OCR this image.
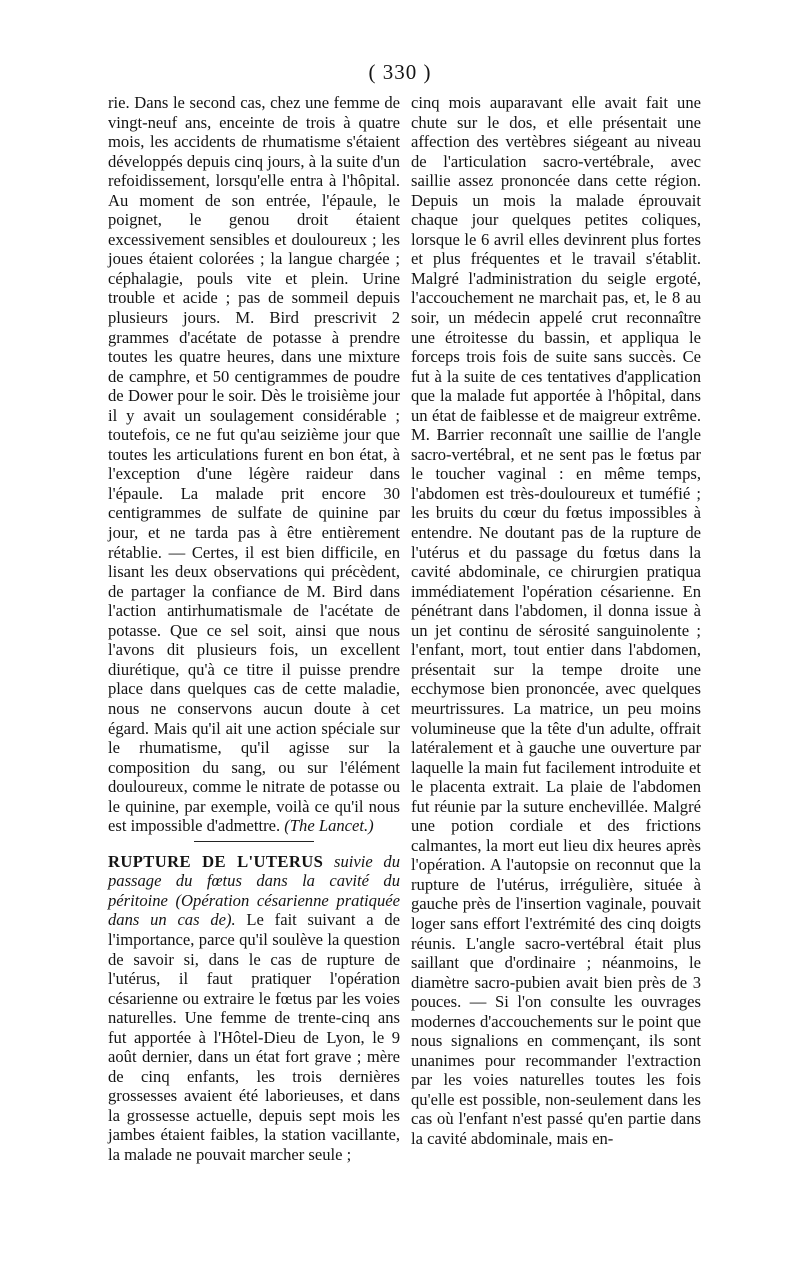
( 330 )

rie. Dans le second cas, chez une femme de vingt-neuf ans, enceinte de trois à quatre mois, les accidents de rhumatisme s'étaient développés depuis cinq jours, à la suite d'un refoidissement, lorsqu'elle entra à l'hôpital. Au moment de son entrée, l'épaule, le poignet, le genou droit étaient excessivement sensibles et douloureux ; les joues étaient colorées ; la langue chargée ; céphalagie, pouls vite et plein. Urine trouble et acide ; pas de sommeil depuis plusieurs jours. M. Bird prescrivit 2 grammes d'acétate de potasse à prendre toutes les quatre heures, dans une mixture de camphre, et 50 centigrammes de poudre de Dower pour le soir. Dès le troisième jour il y avait un soulagement considérable ; toutefois, ce ne fut qu'au seizième jour que toutes les articulations furent en bon état, à l'exception d'une légère raideur dans l'épaule. La malade prit encore 30 centigrammes de sulfate de quinine par jour, et ne tarda pas à être entièrement rétablie. — Certes, il est bien difficile, en lisant les deux observations qui précèdent, de partager la confiance de M. Bird dans l'action antirhumatismale de l'acétate de potasse. Que ce sel soit, ainsi que nous l'avons dit plusieurs fois, un excellent diurétique, qu'à ce titre il puisse prendre place dans quelques cas de cette maladie, nous ne conservons aucun doute à cet égard. Mais qu'il ait une action spéciale sur le rhumatisme, qu'il agisse sur la composition du sang, ou sur l'élément douloureux, comme le nitrate de potasse ou le quinine, par exemple, voilà ce qu'il nous est impossible d'admettre. (The Lancet.)

RUPTURE DE L'UTERUS suivie du passage du fœtus dans la cavité du péritoine (Opération césarienne pratiquée dans un cas de). Le fait suivant a de l'importance, parce qu'il soulève la question de savoir si, dans le cas de rupture de l'utérus, il faut pratiquer l'opération césarienne ou extraire le fœtus par les voies naturelles. Une femme de trente-cinq ans fut apportée à l'Hôtel-Dieu de Lyon, le 9 août dernier, dans un état fort grave ; mère de cinq enfants, les trois dernières grossesses avaient été laborieuses, et dans la grossesse actuelle, depuis sept mois les jambes étaient faibles, la station vacillante, la malade ne pouvait marcher seule ;

cinq mois auparavant elle avait fait une chute sur le dos, et elle présentait une affection des vertèbres siégeant au niveau de l'articulation sacro-vertébrale, avec saillie assez prononcée dans cette région. Depuis un mois la malade éprouvait chaque jour quelques petites coliques, lorsque le 6 avril elles devinrent plus fortes et plus fréquentes et le travail s'établit. Malgré l'administration du seigle ergoté, l'accouchement ne marchait pas, et, le 8 au soir, un médecin appelé crut reconnaître une étroitesse du bassin, et appliqua le forceps trois fois de suite sans succès. Ce fut à la suite de ces tentatives d'application que la malade fut apportée à l'hôpital, dans un état de faiblesse et de maigreur extrême. M. Barrier reconnaît une saillie de l'angle sacro-vertébral, et ne sent pas le fœtus par le toucher vaginal : en même temps, l'abdomen est très-douloureux et tuméfié ; les bruits du cœur du fœtus impossibles à entendre. Ne doutant pas de la rupture de l'utérus et du passage du fœtus dans la cavité abdominale, ce chirurgien pratiqua immédiatement l'opération césarienne. En pénétrant dans l'abdomen, il donna issue à un jet continu de sérosité sanguinolente ; l'enfant, mort, tout entier dans l'abdomen, présentait sur la tempe droite une ecchymose bien prononcée, avec quelques meurtrissures. La matrice, un peu moins volumineuse que la tête d'un adulte, offrait latéralement et à gauche une ouverture par laquelle la main fut facilement introduite et le placenta extrait. La plaie de l'abdomen fut réunie par la suture enchevillée. Malgré une potion cordiale et des frictions calmantes, la mort eut lieu dix heures après l'opération. A l'autopsie on reconnut que la rupture de l'utérus, irrégulière, située à gauche près de l'insertion vaginale, pouvait loger sans effort l'extrémité des cinq doigts réunis. L'angle sacro-vertébral était plus saillant que d'ordinaire ; néanmoins, le diamètre sacro-pubien avait bien près de 3 pouces. — Si l'on consulte les ouvrages modernes d'accouchements sur le point que nous signalions en commençant, ils sont unanimes pour recommander l'extraction par les voies naturelles toutes les fois qu'elle est possible, non-seulement dans les cas où l'enfant n'est passé qu'en partie dans la cavité abdominale, mais en-
